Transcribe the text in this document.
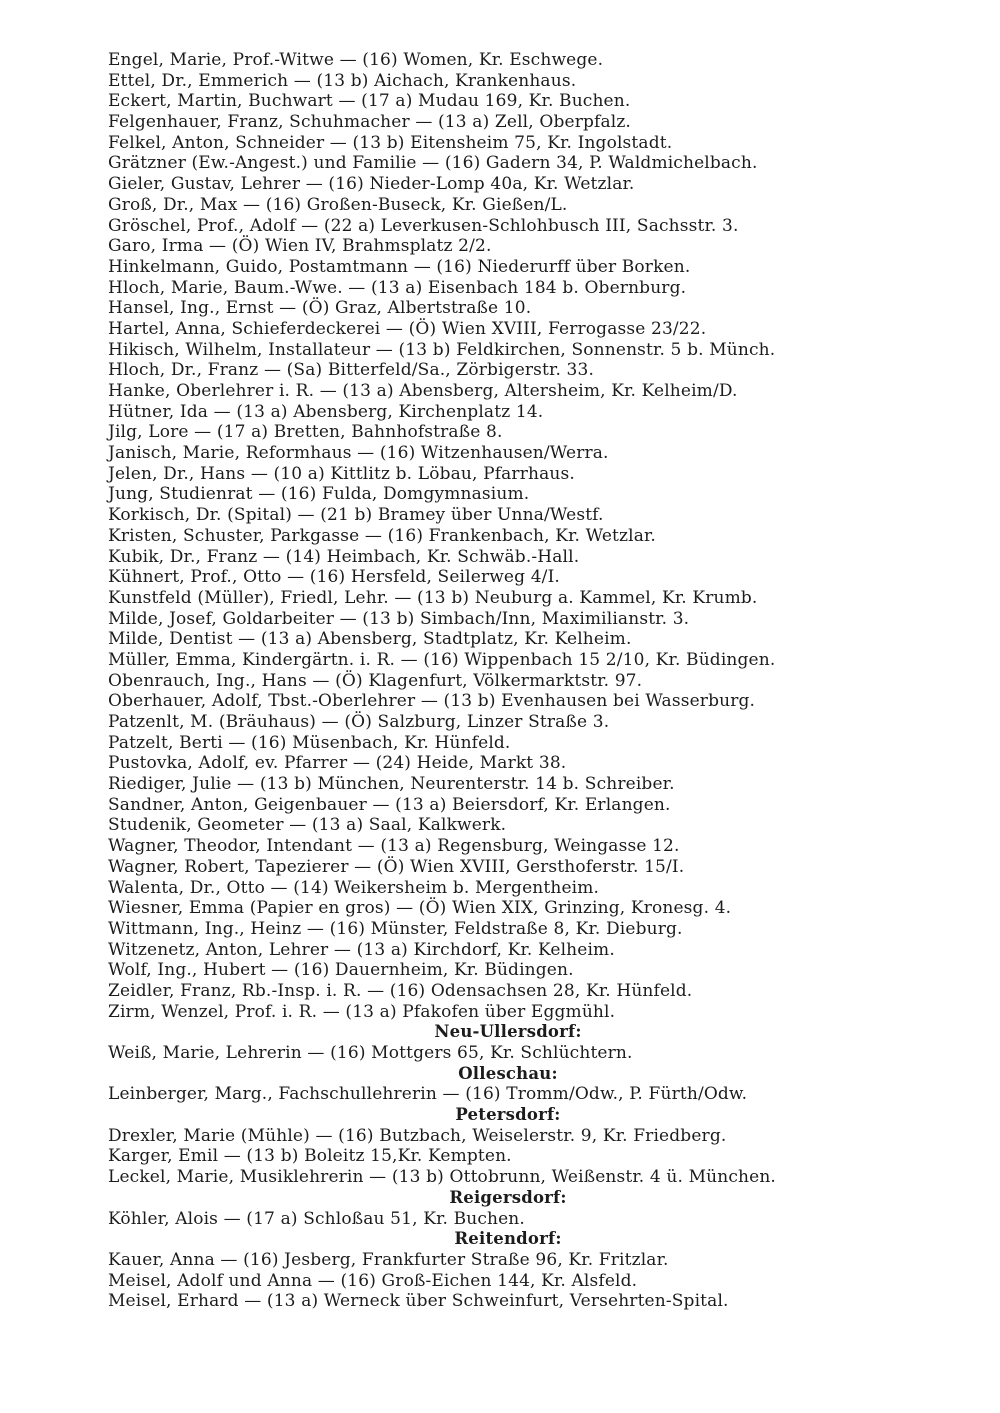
Engel, Marie, Prof.-Witwe — (16) Women, Kr. Eschwege.
Ettel, Dr., Emmerich — (13 b) Aichach, Krankenhaus.
Eckert, Martin, Buchwart — (17 a) Mudau 169, Kr. Buchen.
Felgenhauer, Franz, Schuhmacher — (13 a) Zell, Oberpfalz.
Felkel, Anton, Schneider — (13 b) Eitensheim 75, Kr. Ingolstadt.
Grätzner (Ew.-Angest.) und Familie — (16) Gadern 34, P. Waldmichelbach.
Gieler, Gustav, Lehrer — (16) Nieder-Lomp 40a, Kr. Wetzlar.
Groß, Dr., Max — (16) Großen-Buseck, Kr. Gießen/L.
Gröschel, Prof., Adolf — (22 a) Leverkusen-Schlohbusch III, Sachsstr. 3.
Garo, Irma — (Ö) Wien IV, Brahmsplatz 2/2.
Hinkelmann, Guido, Postamtmann — (16) Niederurff über Borken.
Hloch, Marie, Baum.-Wwe. — (13 a) Eisenbach 184 b. Obernburg.
Hansel, Ing., Ernst — (Ö) Graz, Albertstraße 10.
Hartel, Anna, Schieferdeckerei — (Ö) Wien XVIII, Ferrogasse 23/22.
Hikisch, Wilhelm, Installateur — (13 b) Feldkirchen, Sonnenstr. 5 b. Münch.
Hloch, Dr., Franz — (Sa) Bitterfeld/Sa., Zörbigerstr. 33.
Hanke, Oberlehrer i. R. — (13 a) Abensberg, Altersheim, Kr. Kelheim/D.
Hütner, Ida — (13 a) Abensberg, Kirchenplatz 14.
Jilg, Lore — (17 a) Bretten, Bahnhofstraße 8.
Janisch, Marie, Reformhaus — (16) Witzenhausen/Werra.
Jelen, Dr., Hans — (10 a) Kittlitz b. Löbau, Pfarrhaus.
Jung, Studienrat — (16) Fulda, Domgymnasium.
Korkisch, Dr. (Spital) — (21 b) Bramey über Unna/Westf.
Kristen, Schuster, Parkgasse — (16) Frankenbach, Kr. Wetzlar.
Kubik, Dr., Franz — (14) Heimbach, Kr. Schwäb.-Hall.
Kühnert, Prof., Otto — (16) Hersfeld, Seilerweg 4/I.
Kunstfeld (Müller), Friedl, Lehr. — (13 b) Neuburg a. Kammel, Kr. Krumb.
Milde, Josef, Goldarbeiter — (13 b) Simbach/Inn, Maximilianstr. 3.
Milde, Dentist — (13 a) Abensberg, Stadtplatz, Kr. Kelheim.
Müller, Emma, Kindergärtn. i. R. — (16) Wippenbach 15 2/10, Kr. Büdingen.
Obenrauch, Ing., Hans — (Ö) Klagenfurt, Völkermarktstr. 97.
Oberhauer, Adolf, Tbst.-Oberlehrer — (13 b) Evenhausen bei Wasserburg.
Patzenlt, M. (Bräuhaus) — (Ö) Salzburg, Linzer Straße 3.
Patzelt, Berti — (16) Müsenbach, Kr. Hünfeld.
Pustovka, Adolf, ev. Pfarrer — (24) Heide, Markt 38.
Riediger, Julie — (13 b) München, Neurenterstr. 14 b. Schreiber.
Sandner, Anton, Geigenbauer — (13 a) Beiersdorf, Kr. Erlangen.
Studenik, Geometer — (13 a) Saal, Kalkwerk.
Wagner, Theodor, Intendant — (13 a) Regensburg, Weingasse 12.
Wagner, Robert, Tapezierer — (Ö) Wien XVIII, Gersthoferstr. 15/I.
Walenta, Dr., Otto — (14) Weikersheim b. Mergentheim.
Wiesner, Emma (Papier en gros) — (Ö) Wien XIX, Grinzing, Kronesg. 4.
Wittmann, Ing., Heinz — (16) Münster, Feldstraße 8, Kr. Dieburg.
Witzenetz, Anton, Lehrer — (13 a) Kirchdorf, Kr. Kelheim.
Wolf, Ing., Hubert — (16) Dauernheim, Kr. Büdingen.
Zeidler, Franz, Rb.-Insp. i. R. — (16) Odensachsen 28, Kr. Hünfeld.
Zirm, Wenzel, Prof. i. R. — (13 a) Pfakofen über Eggmühl.
Neu-Ullersdorf:
Weiß, Marie, Lehrerin — (16) Mottgers 65, Kr. Schlüchtern.
Olleschau:
Leinberger, Marg., Fachschullehrerin — (16) Tromm/Odw., P. Fürth/Odw.
Petersdorf:
Drexler, Marie (Mühle) — (16) Butzbach, Weiselerstr. 9, Kr. Friedberg.
Karger, Emil — (13 b) Boleitz 15,Kr. Kempten.
Leckel, Marie, Musiklehrerin — (13 b) Ottobrunn, Weißenstr. 4 ü. München.
Reigersdorf:
Köhler, Alois — (17 a) Schloßau 51, Kr. Buchen.
Reitendorf:
Kauer, Anna — (16) Jesberg, Frankfurter Straße 96, Kr. Fritzlar.
Meisel, Adolf und Anna — (16) Groß-Eichen 144, Kr. Alsfeld.
Meisel, Erhard — (13 a) Werneck über Schweinfurt, Versehrten-Spital.
